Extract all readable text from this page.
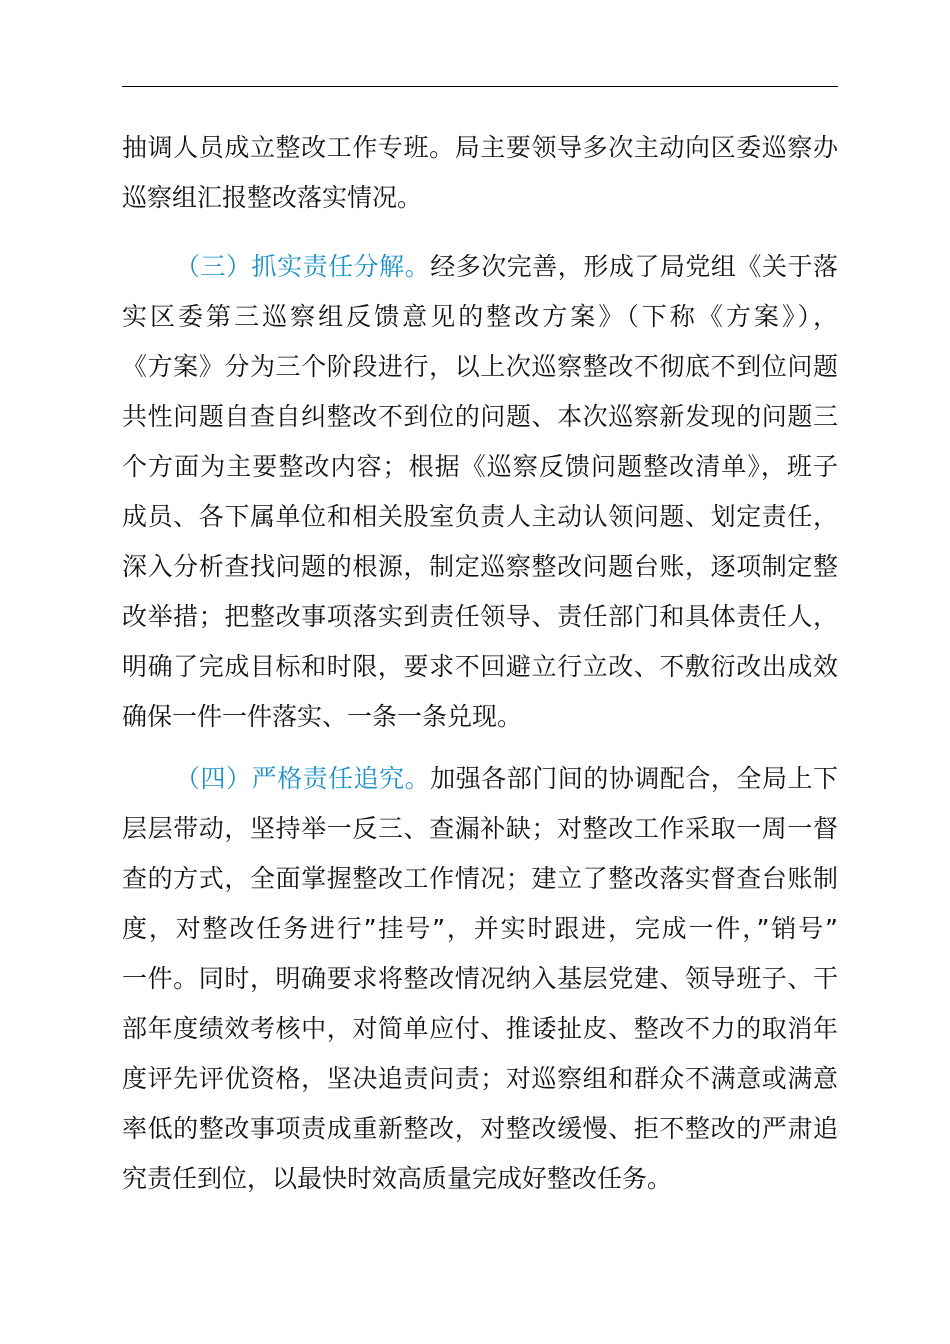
抽调人员成立整改工作专班。局主要领导多次主动向区委巡察办
巡察组汇报整改落实情况。
（三）抓实责任分解。经多次完善，形成了局党组《关于落
实区委第三巡察组反馈意见的整改方案》（下称《方案》），
《方案》分为三个阶段进行，以上次巡察整改不彻底不到位问题
共性问题自查自纠整改不到位的问题、本次巡察新发现的问题三
个方面为主要整改内容；根据《巡察反馈问题整改清单》，班子
成员、各下属单位和相关股室负责人主动认领问题、划定责任，
深入分析查找问题的根源，制定巡察整改问题台账，逐项制定整
改举措；把整改事项落实到责任领导、责任部门和具体责任人，
明确了完成目标和时限，要求不回避立行立改、不敷衍改出成效
确保一件一件落实、一条一条兑现。
（四）严格责任追究。加强各部门间的协调配合，全局上下
层层带动，坚持举一反三、查漏补缺；对整改工作采取一周一督
查的方式，全面掌握整改工作情况；建立了整改落实督查台账制
度，对整改任务进行”挂号”，并实时跟进，完成一件，”销号”
一件。同时，明确要求将整改情况纳入基层党建、领导班子、干
部年度绩效考核中，对简单应付、推诿扯皮、整改不力的取消年
度评先评优资格，坚决追责问责；对巡察组和群众不满意或满意
率低的整改事项责成重新整改，对整改缓慢、拒不整改的严肃追
究责任到位，以最快时效高质量完成好整改任务。
